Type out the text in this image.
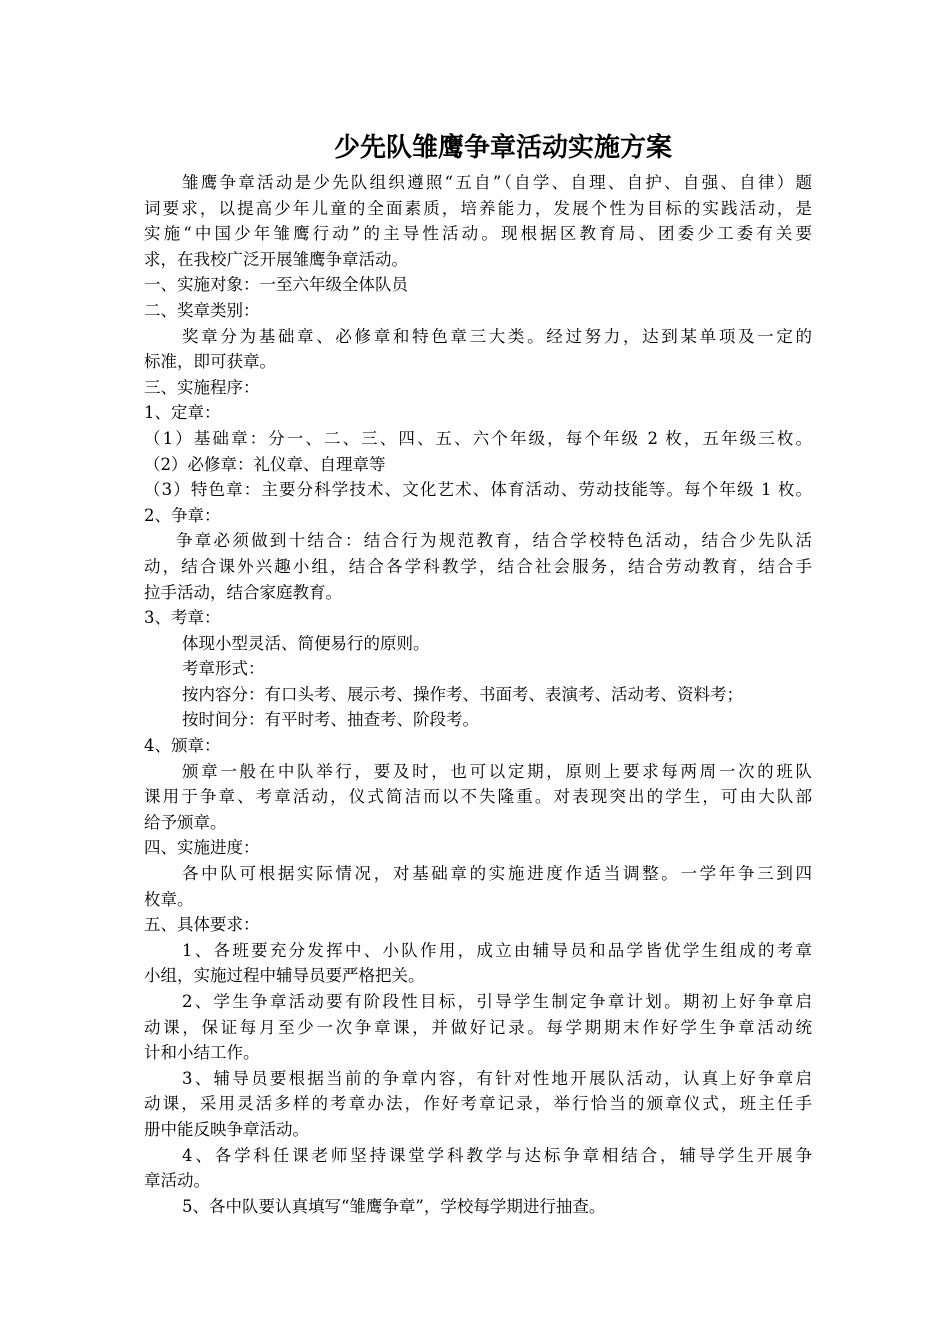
少先队雏鹰争章活动实施方案
雏鹰争章活动是少先队组织遵照“五自”（自学、自理、自护、自强、自律）题
词要求，以提高少年儿童的全面素质，培养能力，发展个性为目标的实践活动，是
实施“中国少年雏鹰行动”的主导性活动。现根据区教育局、团委少工委有关要
求，在我校广泛开展雏鹰争章活动。
一、实施对象：一至六年级全体队员
二、奖章类别：
奖章分为基础章、必修章和特色章三大类。经过努力，达到某单项及一定的
标准，即可获章。
三、实施程序：
1、定章：
（1）基础章：分一、二、三、四、五、六个年级，每个年级 2 枚，五年级三枚。
（2）必修章：礼仪章、自理章等
（3）特色章：主要分科学技术、文化艺术、体育活动、劳动技能等。每个年级 1 枚。
2、争章：
争章必须做到十结合：结合行为规范教育，结合学校特色活动，结合少先队活
动，结合课外兴趣小组，结合各学科教学，结合社会服务，结合劳动教育，结合手
拉手活动，结合家庭教育。
3、考章：
体现小型灵活、简便易行的原则。
考章形式：
按内容分：有口头考、展示考、操作考、书面考、表演考、活动考、资料考；
按时间分：有平时考、抽查考、阶段考。
4、颁章：
颁章一般在中队举行，要及时，也可以定期，原则上要求每两周一次的班队
课用于争章、考章活动，仪式简洁而以不失隆重。对表现突出的学生，可由大队部
给予颁章。
四、实施进度：
各中队可根据实际情况，对基础章的实施进度作适当调整。一学年争三到四
枚章。
五、具体要求：
1、各班要充分发挥中、小队作用，成立由辅导员和品学皆优学生组成的考章
小组，实施过程中辅导员要严格把关。
2、学生争章活动要有阶段性目标，引导学生制定争章计划。期初上好争章启
动课，保证每月至少一次争章课，并做好记录。每学期期末作好学生争章活动统
计和小结工作。
3、辅导员要根据当前的争章内容，有针对性地开展队活动，认真上好争章启
动课，采用灵活多样的考章办法，作好考章记录，举行恰当的颁章仪式，班主任手
册中能反映争章活动。
4、各学科任课老师坚持课堂学科教学与达标争章相结合，辅导学生开展争
章活动。
5、各中队要认真填写“雏鹰争章”，学校每学期进行抽查。
